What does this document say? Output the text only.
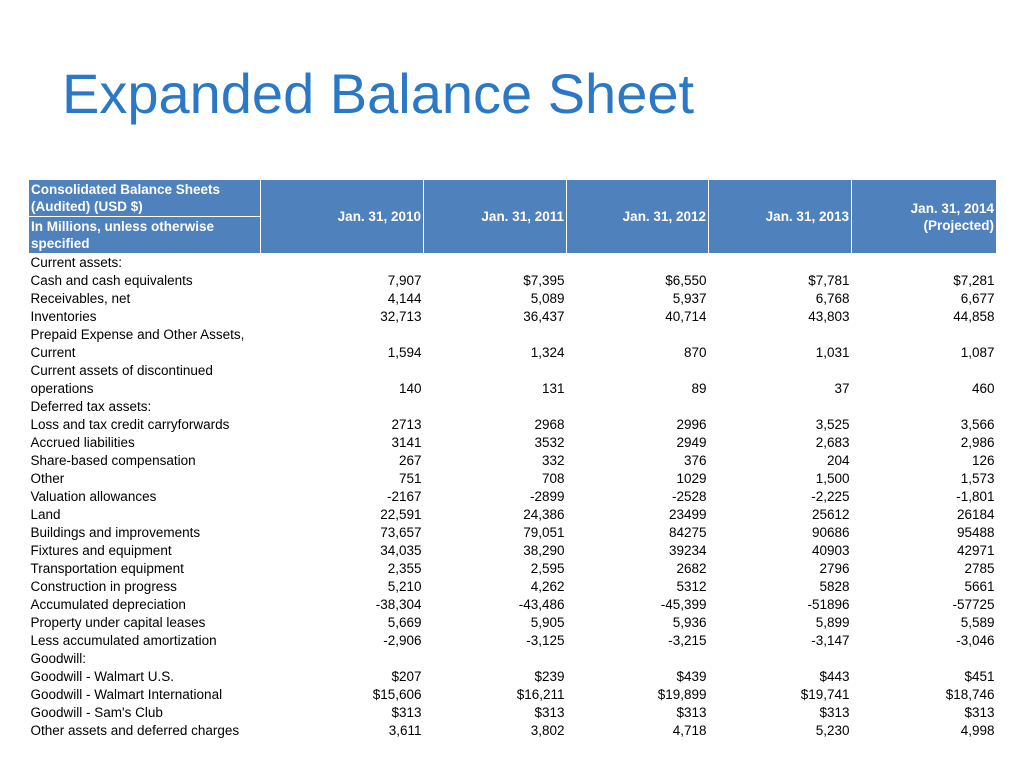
Expanded Balance Sheet
Consolidated Balance Sheets (Audited) (USD $)	Jan. 31, 2010	Jan. 31, 2011	Jan. 31, 2012	Jan. 31, 2013	Jan. 31, 2014 (Projected)
In Millions, unless otherwise specified					
Current assets:					
Cash and cash equivalents	7,907	$7,395	$6,550	$7,781	$7,281
Receivables, net	4,144	5,089	5,937	6,768	6,677
Inventories	32,713	36,437	40,714	43,803	44,858
Prepaid Expense and Other Assets, Current	1,594	1,324	870	1,031	1,087
Current assets of discontinued operations	140	131	89	37	460
Deferred tax assets:					
Loss and tax credit carryforwards	2713	2968	2996	3,525	3,566
Accrued liabilities	3141	3532	2949	2,683	2,986
Share-based compensation	267	332	376	204	126
Other	751	708	1029	1,500	1,573
Valuation allowances	-2167	-2899	-2528	-2,225	-1,801
Land	22,591	24,386	23499	25612	26184
Buildings and improvements	73,657	79,051	84275	90686	95488
Fixtures and equipment	34,035	38,290	39234	40903	42971
Transportation equipment	2,355	2,595	2682	2796	2785
Construction in progress	5,210	4,262	5312	5828	5661
Accumulated depreciation	-38,304	-43,486	-45,399	-51896	-57725
Property under capital leases	5,669	5,905	5,936	5,899	5,589
Less accumulated amortization	-2,906	-3,125	-3,215	-3,147	-3,046
Goodwill:					
Goodwill - Walmart U.S.	$207	$239	$439	$443	$451
Goodwill - Walmart International	$15,606	$16,211	$19,899	$19,741	$18,746
Goodwill - Sam's Club	$313	$313	$313	$313	$313
Other assets and deferred charges	3,611	3,802	4,718	5,230	4,998
